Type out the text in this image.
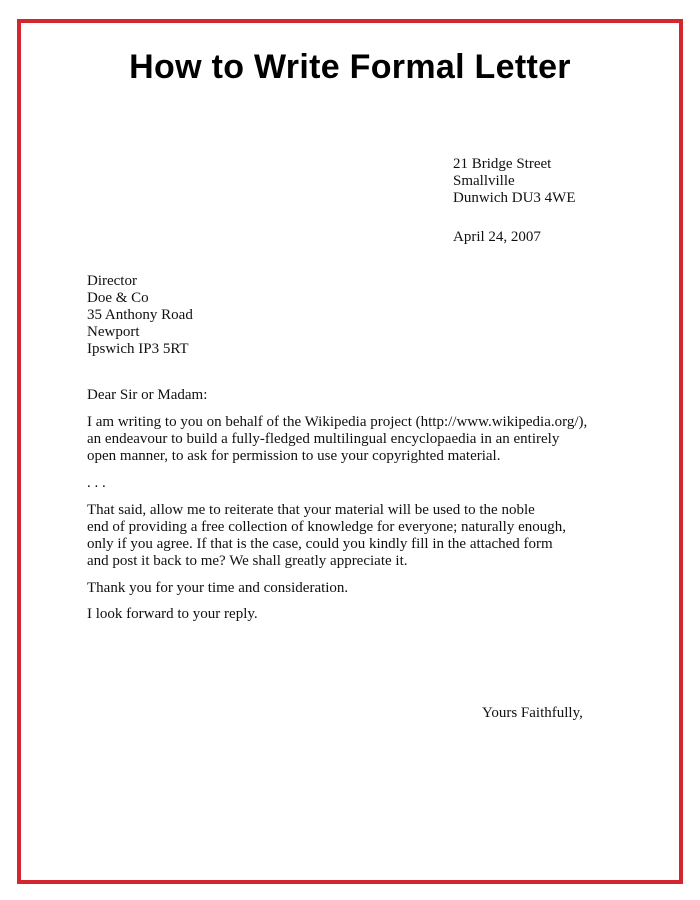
How to Write Formal Letter
21 Bridge Street
Smallville
Dunwich DU3 4WE
April 24, 2007
Director
Doe & Co
35 Anthony Road
Newport
Ipswich IP3 5RT
Dear Sir or Madam:
I am writing to you on behalf of the Wikipedia project (http://www.wikipedia.org/),
an endeavour to build a fully-fledged multilingual encyclopaedia in an entirely
open manner, to ask for permission to use your copyrighted material.
. . .
That said, allow me to reiterate that your material will be used to the noble
end of providing a free collection of knowledge for everyone; naturally enough,
only if you agree. If that is the case, could you kindly fill in the attached form
and post it back to me? We shall greatly appreciate it.
Thank you for your time and consideration.
I look forward to your reply.
Yours Faithfully,
